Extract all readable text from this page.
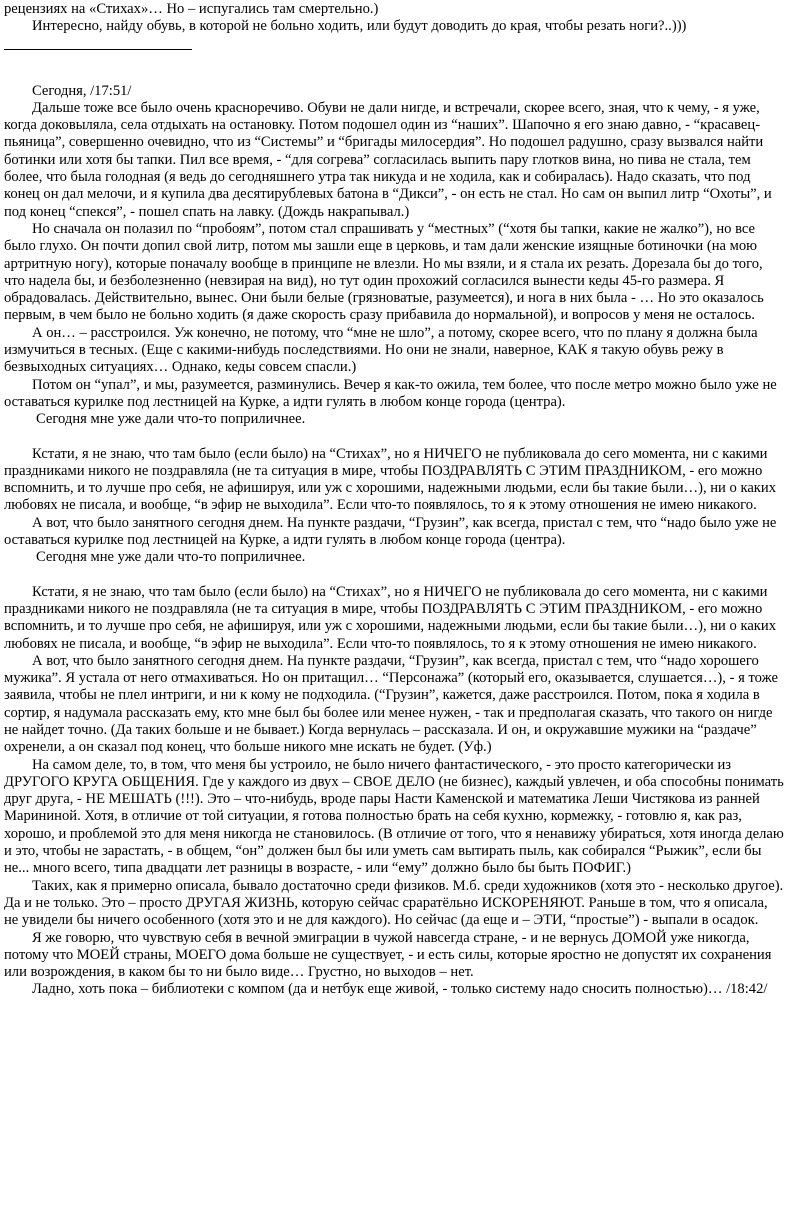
рецензиях на «Стихах»… Но – испугались там смертельно.)

Интересно, найду обувь, в которой не больно ходить, или будут доводить до края, чтобы резать ноги?..)))

Сегодня, /17:51/

Дальше тоже все было очень красноречиво. Обуви не дали нигде, и встречали, скорее всего, зная, что к чему, - я уже, когда доковыляла, села отдыхать на остановку. Потом подошел один из “наших”. Шапочно я его знаю давно, - “красавец-пьяница”, совершенно очевидно, что из “Системы” и “бригады милосердия”. Но подошел радушно, сразу вызвался найти ботинки или хотя бы тапки. Пил все время, - “для согрева” согласилась выпить пару глотков вина, но пива не стала, тем более, что была голодная (я ведь до сегодняшнего утра так никуда и не ходила, как и собиралась). Надо сказать, что под конец он дал мелочи, и я купила два десятирублевых батона в “Дикси”, - он есть не стал. Но сам он выпил литр “Охоты”, и под конец “спекся”, - пошел спать на лавку. (Дождь накрапывал.)

Но сначала он полазил по “пробоям”, потом стал спрашивать у “местных” (“хотя бы тапки, какие не жалко”), но все было глухо. Он почти допил свой литр, потом мы зашли еще в церковь, и там дали женские изящные ботиночки (на мою артритную ногу), которые поначалу вообще в принципе не влезли. Но мы взяли, и я стала их резать. Дорезала бы до того, что надела бы, и безболезненно (невзирая на вид), но тут один прохожий согласился вынести кеды 45-го размера. Я обрадовалась. Действительно, вынес. Они были белые (грязноватые, разумеется), и нога в них была - … Но это оказалось первым, в чем было не больно ходить (я даже скорость сразу прибавила до нормальной), и вопросов у меня не осталось.

А он… – расстроился. Уж конечно, не потому, что “мне не шло”, а потому, скорее всего, что по плану я должна была измучиться в тесных. (Еще с какими-нибудь последствиями. Но они не знали, наверное, КАК я такую обувь режу в безвыходных ситуациях… Однако, кеды совсем спасли.)

Потом он “упал”, и мы, разумеется, разминулись. Вечер я как-то ожила, тем более, что после метро можно было уже не оставаться курилке под лестницей на Курке, а идти гулять в любом конце города (центра).

Сегодня мне уже дали что-то поприличнее.

Кстати, я не знаю, что там было (если было) на “Стихах”, но я НИЧЕГО не публиковала до сего момента, ни с какими праздниками никого не поздравляла (не та ситуация в мире, чтобы ПОЗДРАВЛЯТЬ С ЭТИМ ПРАЗДНИКОМ, - его можно вспомнить, и то лучше про себя, не афишируя, или уж с хорошими, надежными людьми, если бы такие были…), ни о каких любовях не писала, и вообще, “в эфир не выходила”. Если что-то появлялось, то я к этому отношения не имею никакого.

А вот, что было занятного сегодня днем. На пункте раздачи, “Грузин”, как всегда, пристал с тем, что “надо было уже не оставаться курилке под лестницей на Курке, а идти гулять в любом конце города (центра).

Сегодня мне уже дали что-то поприличнее.

Кстати, я не знаю, что там было (если было) на “Стихах”, но я НИЧЕГО не публиковала до сего момента, ни с какими праздниками никого не поздравляла (не та ситуация в мире, чтобы ПОЗДРАВЛЯТЬ С ЭТИМ ПРАЗДНИКОМ, - его можно вспомнить, и то лучше про себя, не афишируя, или уж с хорошими, надежными людьми, если бы такие были…), ни о каких любовях не писала, и вообще, “в эфир не выходила”. Если что-то появлялось, то я к этому отношения не имею никакого.

А вот, что было занятного сегодня днем. На пункте раздачи, “Грузин”, как всегда, пристал с тем, что “надо хорошего мужика”. Я устала от него отмахиваться. Но он притащил… “Персонажа” (который его, оказывается, слушается…), - я тоже заявила, чтобы не плел интриги, и ни к кому не подходила. (“Грузин”, кажется, даже расстроился. Потом, пока я ходила в сортир, я надумала рассказать ему, кто мне был бы более или менее нужен, - так и предполагая сказать, что такого он нигде не найдет точно. (Да таких больше и не бывает.) Когда вернулась – рассказала. И он, и окружавшие мужики на “раздаче” охренели, а он сказал под конец, что больше никого мне искать не будет. (Уф.)

На самом деле, то, в том, что меня бы устроило, не было ничего фантастического, - это просто категорически из ДРУГОГО КРУГА ОБЩЕНИЯ. Где у каждого из двух – СВОЕ ДЕЛО (не бизнес), каждый увлечен, и оба способны понимать друг друга, - НЕ МЕШАТЬ (!!!). Это – что-нибудь, вроде пары Насти Каменской и математика Леши Чистякова из ранней Марининой. Хотя, в отличие от той ситуации, я готова полностью брать на себя кухню, кормежку, - готовлю я, как раз, хорошо, и проблемой это для меня никогда не становилось. (В отличие от того, что я ненавижу убираться, хотя иногда делаю и это, чтобы не зарастать, - в общем, “он” должен был бы или уметь сам вытирать пыль, как собиралcя “Рыжик”, если бы не... много всего, типа двадцати лет разницы в возрасте, - или “ему” должно было бы быть ПОФИГ.)

Таких, как я примерно описала, бывало достаточно среди физиков. М.б. среди художников (хотя это - несколько другое). Да и не только. Это – просто ДРУГАЯ ЖИЗНЬ, которую сейчас сраратëльно ИСКОРЕНЯЮТ. Раньше в том, что я описала, не увидели бы ничего особенного (хотя это и не для каждого). Но сейчас (да еще и – ЭТИ, “простые”) - выпали в осадок.

Я же говорю, что чувствую себя в вечной эмиграции в чужой навсегда стране, - и не вернусь ДОМОЙ уже никогда, потому что МОЕЙ страны, МОЕГО дома больше не существует, - и есть силы, которые яростно не допустят их сохранения или возрождения, в каком бы то ни было виде… Грустно, но выходов – нет.

Ладно, хоть пока – библиотеки с компом (да и нетбук еще живой, - только систему надо сносить полностью)… /18:42/
